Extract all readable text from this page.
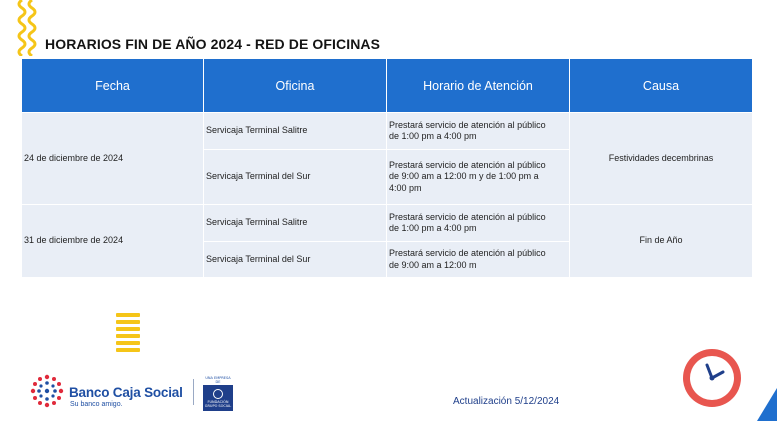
HORARIOS FIN DE AÑO 2024 - RED DE OFICINAS
Fecha	Oficina	Horario de Atención	Causa
24 de diciembre de 2024	Servicaja Terminal Salitre	Prestará servicio de atención al público
de 1:00 pm a 4:00 pm	Festividades decembrinas
	Servicaja Terminal del Sur	Prestará servicio de atención al público
de 9:00 am a 12:00 m y de 1:00 pm a
4:00 pm	

31 de diciembre de 2024	Servicaja Terminal Salitre	Prestará servicio de atención al público
de 1:00 pm a 4:00 pm	Fin de Año
	Servicaja Terminal del Sur	Prestará servicio de atención al público
de 9:00 am a 12:00 m	
Banco Caja Social
Su banco amigo.
UNA EMPRESA DE
FUNDACIÓN GRUPO SOCIAL	Actualización 5/12/2024
